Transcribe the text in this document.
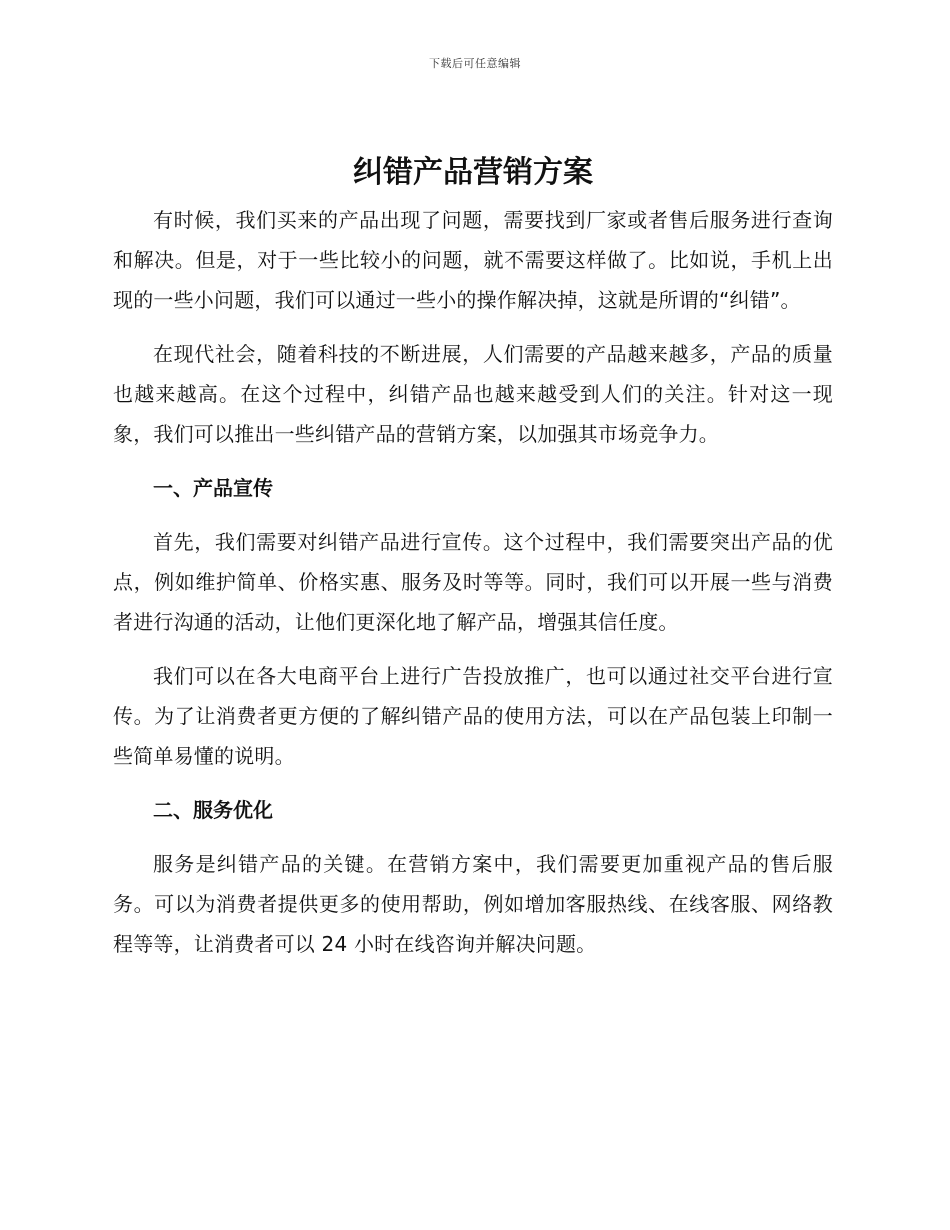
下载后可任意编辑
纠错产品营销方案

有时候，我们买来的产品出现了问题，需要找到厂家或者售后服务进行查询和解决。但是，对于一些比较小的问题，就不需要这样做了。比如说，手机上出现的一些小问题，我们可以通过一些小的操作解决掉，这就是所谓的“纠错”。

在现代社会，随着科技的不断进展，人们需要的产品越来越多，产品的质量也越来越高。在这个过程中，纠错产品也越来越受到人们的关注。针对这一现象，我们可以推出一些纠错产品的营销方案，以加强其市场竞争力。

一、产品宣传

首先，我们需要对纠错产品进行宣传。这个过程中，我们需要突出产品的优点，例如维护简单、价格实惠、服务及时等等。同时，我们可以开展一些与消费者进行沟通的活动，让他们更深化地了解产品，增强其信任度。

我们可以在各大电商平台上进行广告投放推广，也可以通过社交平台进行宣传。为了让消费者更方便的了解纠错产品的使用方法，可以在产品包装上印制一些简单易懂的说明。

二、服务优化

服务是纠错产品的关键。在营销方案中，我们需要更加重视产品的售后服务。可以为消费者提供更多的使用帮助，例如增加客服热线、在线客服、网络教程等等，让消费者可以 24 小时在线咨询并解决问题。
